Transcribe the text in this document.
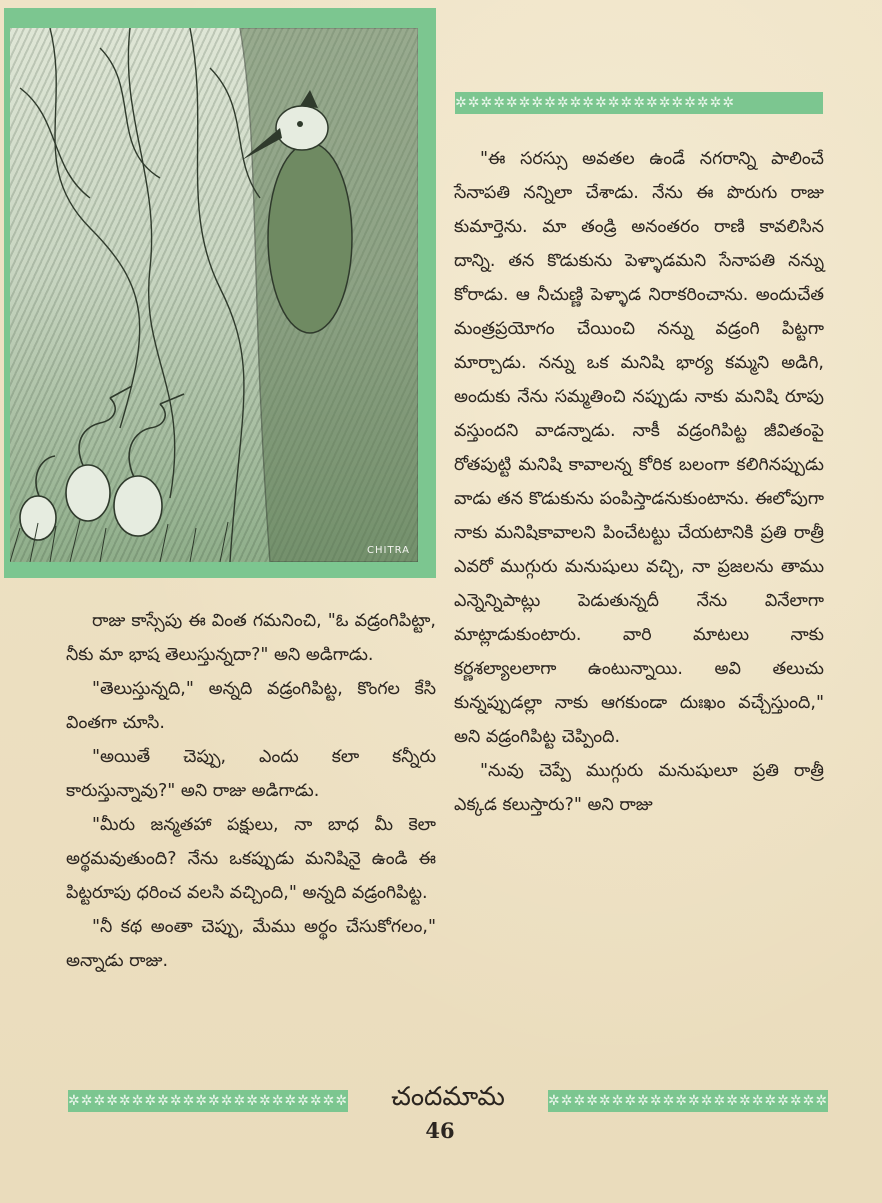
CHITRA
✲✲✲✲✲✲✲✲✲✲✲✲✲✲✲✲✲✲✲✲✲✲

"ఈ సరస్సు అవతల ఉండే నగరాన్ని పాలించే సేనాపతి నన్నిలా చేశాడు. నేను ఈ పొరుగు రాజు కుమార్తెను. మా తండ్రి అనంతరం రాణి కావలిసిన దాన్ని. తన కొడుకును పెళ్ళాడమని సేనాపతి నన్ను కోరాడు. ఆ నీచుణ్ణి పెళ్ళాడ నిరాకరించాను. అందుచేత మంత్రప్రయోగం చేయించి నన్ను వడ్రంగి పిట్టగా మార్చాడు. నన్ను ఒక మనిషి భార్య కమ్మని అడిగి, అందుకు నేను సమ్మతించి నప్పుడు నాకు మనిషి రూపు వస్తుందని వాడన్నాడు. నాకీ వడ్రంగిపిట్ట జీవితంపై రోతపుట్టి మనిషి కావాలన్న కోరిక బలంగా కలిగినప్పుడు వాడు తన కొడుకును పంపిస్తాడనుకుంటాను. ఈలోపుగా నాకు మనిషికావాలని పించేటట్టు చేయటానికి ప్రతి రాత్రీ ఎవరో ముగ్గురు మనుషులు వచ్చి, నా ప్రజలను తాము ఎన్నెన్నిపాట్లు పెడుతున్నదీ నేను వినేలాగా మాట్లాడుకుంటారు. వారి మాటలు నాకు కర్ణశల్యాలలాగా ఉంటున్నాయి. అవి తలుచు కున్నప్పుడల్లా నాకు ఆగకుండా దుఃఖం వచ్చేస్తుంది," అని వడ్రంగిపిట్ట చెప్పింది.

"నువు చెప్పే ముగ్గురు మనుషులూ ప్రతి రాత్రీ ఎక్కడ కలుస్తారు?" అని రాజు

రాజు కాస్సేపు ఈ వింత గమనించి, "ఓ వడ్రంగిపిట్టా, నీకు మా భాష తెలుస్తున్నదా?" అని అడిగాడు.

"తెలుస్తున్నది," అన్నది వడ్రంగిపిట్ట, కొంగల కేసి వింతగా చూసి.

"అయితే చెప్పు, ఎందు కలా కన్నీరు కారుస్తున్నావు?" అని రాజు అడిగాడు.

"మీరు జన్మతహా పక్షులు, నా బాధ మీ కెలా అర్థమవుతుంది? నేను ఒకప్పుడు మనిషినై ఉండి ఈ పిట్టరూపు ధరించ వలసి వచ్చింది," అన్నది వడ్రంగిపిట్ట.

"నీ కథ అంతా చెప్పు, మేము అర్థం చేసుకోగలం," అన్నాడు రాజు.

✲✲✲✲✲✲✲✲✲✲✲✲✲✲✲✲✲✲✲✲✲✲	చందమామ	✲✲✲✲✲✲✲✲✲✲✲✲✲✲✲✲✲✲✲✲✲✲
46
